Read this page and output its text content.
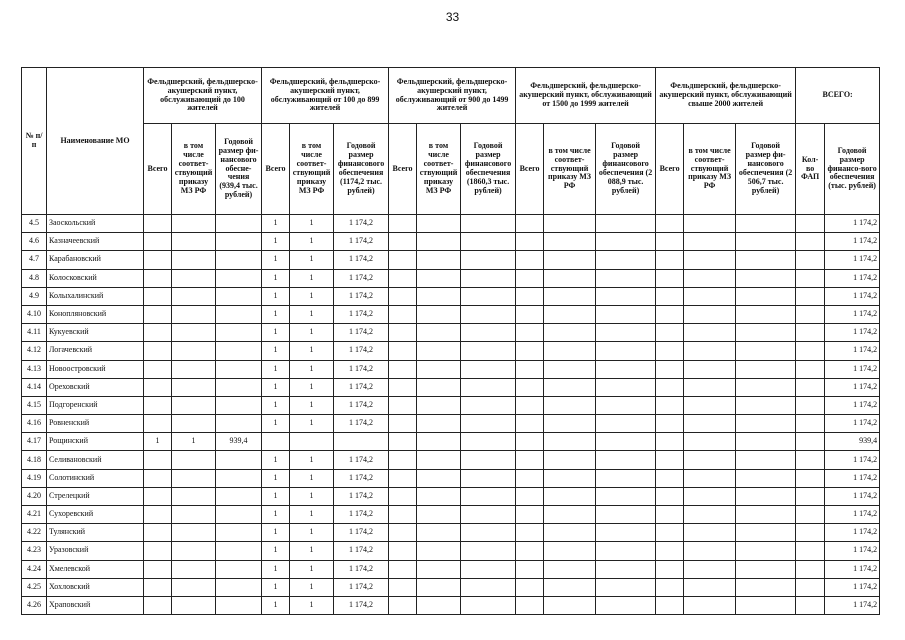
33
№ п/п	Наименование МО	Фельдшерский, фельдшерско-акушерский пункт, обслуживающий до 100 жителей			Фельдшерский, фельдшерско-акушерский пункт, обслуживающий от 100 до 899 жителей			Фельдшерский, фельдшерско-акушерский пункт, обслуживающий от 900 до 1499 жителей			Фельдшерский, фельдшерско-акушерский пункт, обслуживающий от 1500 до 1999 жителей			Фельдшерский, фельдшерско-акушерский пункт, обслуживающий свыше 2000 жителей			ВСЕГО:	
		Всего	в том числе соответ-ствующий приказу МЗ РФ	Годовой размер фи-нансового обесне-чения (939,4 тыс. рублей)	Всего	в том числе соответ-ствующий приказу МЗ РФ	Годовой размер финансового обеспечения (1174,2 тыс. рублей)	Всего	в том числе соответ-ствующий приказу МЗ РФ	Годовой размер финансового обеспечения (1860,3 тыс. рублей)	Всего	в том числе соответ-ствующий приказу МЗ РФ	Годовой размер финансового обеспечения (2 088,9 тыс. рублей)	Всего	в том числе соответ-ствующий приказу МЗ РФ	Годовой размер фи-нансового обеспечения (2 506,7 тыс. рублей)	Кол-во ФАП	Годовой размер финансо-вого обеспечения (тыс. рублей)
4.5	Заоскольский				1	1	1 174,2											1 174,2
4.6	Казначеевский				1	1	1 174,2											1 174,2
4.7	Карабановский				1	1	1 174,2											1 174,2
4.8	Колосковский				1	1	1 174,2											1 174,2
4.9	Колыхалинский				1	1	1 174,2											1 174,2
4.10	Конопляновский				1	1	1 174,2											1 174,2
4.11	Кукуевский				1	1	1 174,2											1 174,2
4.12	Логачевский				1	1	1 174,2											1 174,2
4.13	Новоостровский				1	1	1 174,2											1 174,2
4.14	Ореховский				1	1	1 174,2											1 174,2
4.15	Подгоренский				1	1	1 174,2											1 174,2
4.16	Ровненский				1	1	1 174,2											1 174,2
4.17	Рощинский	1	1	939,4														939,4
4.18	Селивановский				1	1	1 174,2											1 174,2
4.19	Солотинский				1	1	1 174,2											1 174,2
4.20	Стрелецкий				1	1	1 174,2											1 174,2
4.21	Сухоревский				1	1	1 174,2											1 174,2
4.22	Тулянский				1	1	1 174,2											1 174,2
4.23	Уразовский				1	1	1 174,2											1 174,2
4.24	Хмелевской				1	1	1 174,2											1 174,2
4.25	Хохловский				1	1	1 174,2											1 174,2
4.26	Храповский				1	1	1 174,2											1 174,2
